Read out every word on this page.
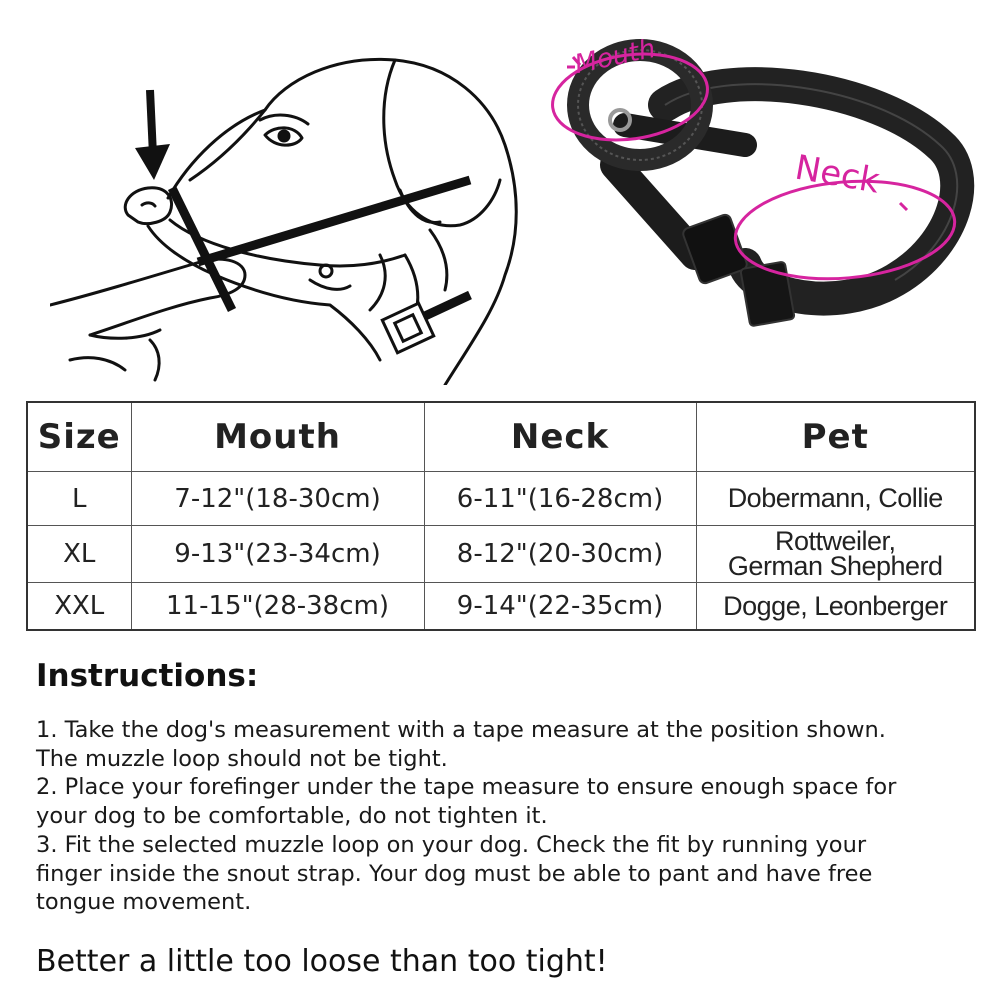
Mouth
Neck
Size	Mouth	Neck	Pet
L	7-12"(18-30cm)	6-11"(16-28cm)	Dobermann, Collie
XL	9-13"(23-34cm)	8-12"(20-30cm)	Rottweiler,
German Shepherd
XXL	11-15"(28-38cm)	9-14"(22-35cm)	Dogge, Leonberger
Instructions:

1. Take the dog's measurement with a tape measure at the position shown.

The muzzle loop should not be tight.

2. Place your forefinger under the tape measure to ensure enough space for

your dog to be comfortable, do not tighten it.

3. Fit the selected muzzle loop on your dog. Check the fit by running your

finger inside the snout strap. Your dog must be able to pant and have free

tongue movement.

Better a little too loose than too tight!
